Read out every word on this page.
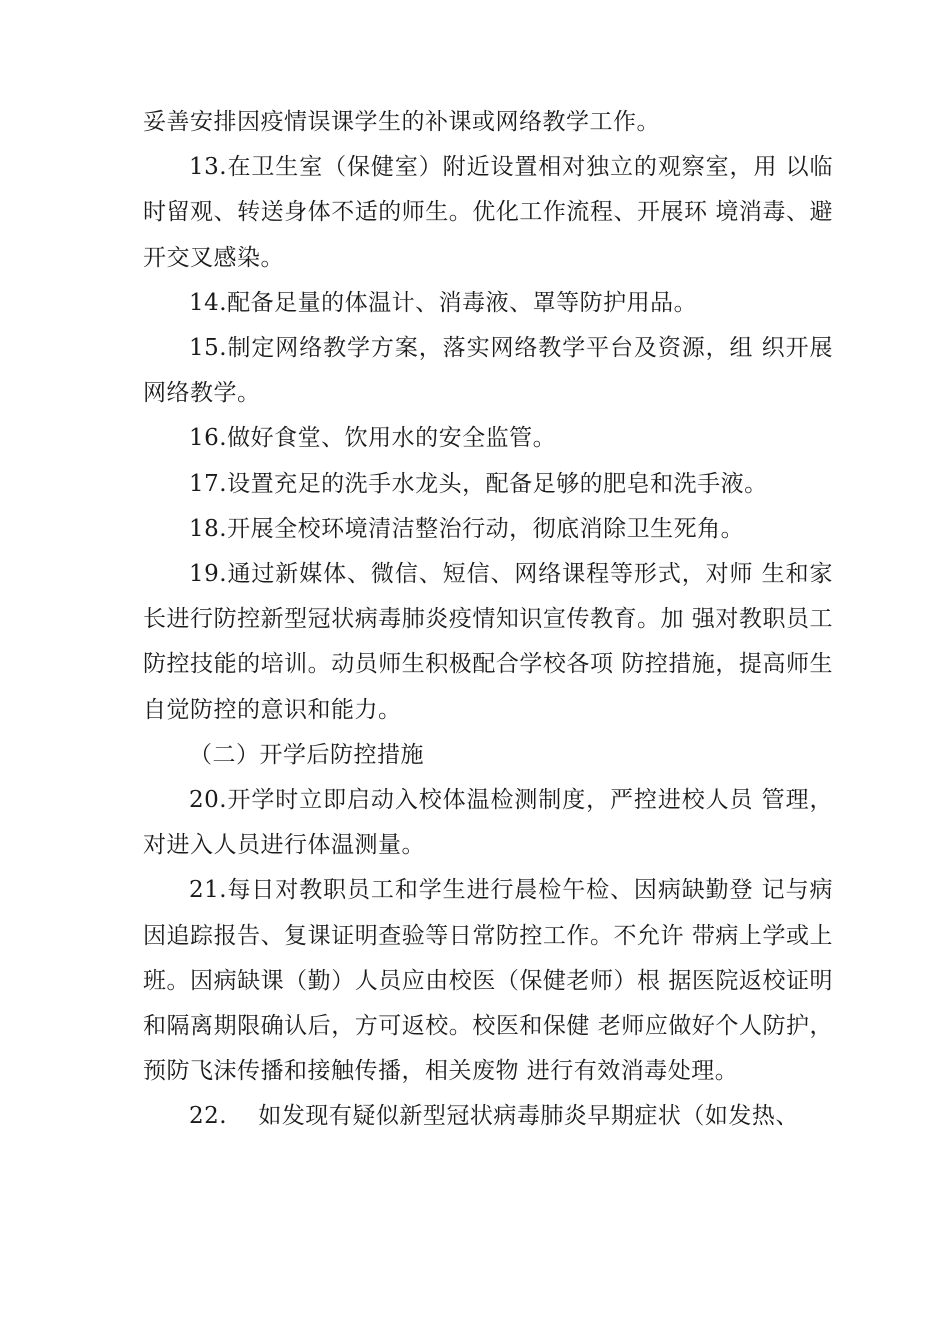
妥善安排因疫情误课学生的补课或网络教学工作。

13.在卫生室（保健室）附近设置相对独立的观察室，用 以临时留观、转送身体不适的师生。优化工作流程、开展环 境消毒、避开交叉感染。

14.配备足量的体温计、消毒液、罩等防护用品。

15.制定网络教学方案，落实网络教学平台及资源，组 织开展网络教学。

16.做好食堂、饮用水的安全监管。

17.设置充足的洗手水龙头，配备足够的肥皂和洗手液。

18.开展全校环境清洁整治行动，彻底消除卫生死角。

19.通过新媒体、微信、短信、网络课程等形式，对师 生和家长进行防控新型冠状病毒肺炎疫情知识宣传教育。加 强对教职员工防控技能的培训。动员师生积极配合学校各项 防控措施，提高师生自觉防控的意识和能力。

（二）开学后防控措施

20.开学时立即启动入校体温检测制度，严控进校人员 管理，对进入人员进行体温测量。

21.每日对教职员工和学生进行晨检午检、因病缺勤登 记与病因追踪报告、复课证明查验等日常防控工作。不允许 带病上学或上班。因病缺课（勤）人员应由校医（保健老师）根 据医院返校证明和隔离期限确认后，方可返校。校医和保健 老师应做好个人防护，预防飞沫传播和接触传播，相关废物 进行有效消毒处理。

22.　 如发现有疑似新型冠状病毒肺炎早期症状（如发热、
